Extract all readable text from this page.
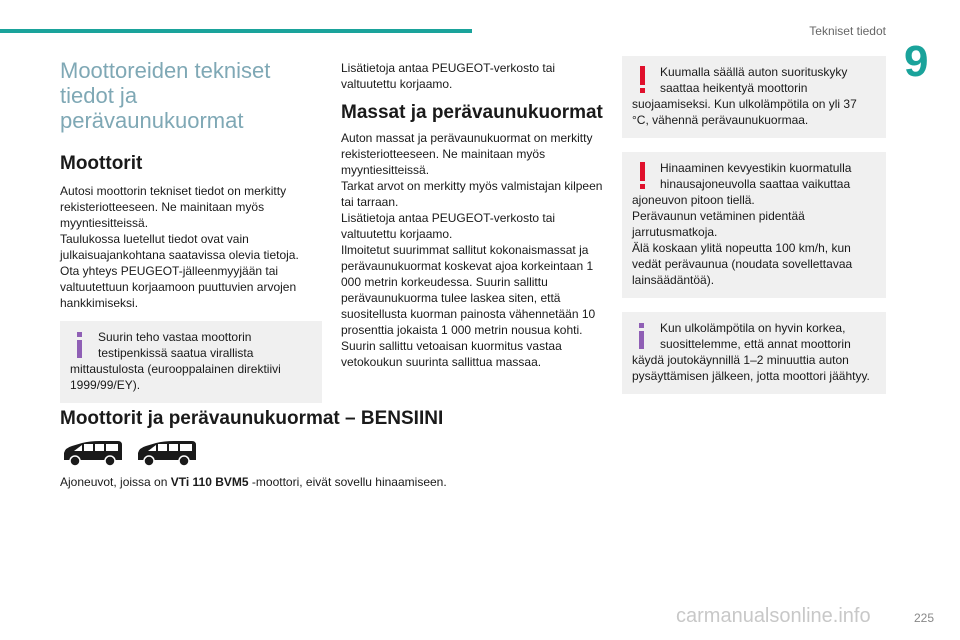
Tekniset tiedot
9
Moottoreiden tekniset tiedot ja perävaunukuormat
Moottorit

Autosi moottorin tekniset tiedot on merkitty rekisteriotteeseen. Ne mainitaan myös myyntiesitteissä.

Taulukossa luetellut tiedot ovat vain julkaisuajankohtana saatavissa olevia tietoja.

Ota yhteys PEUGEOT-jälleenmyyjään tai valtuutettuun korjaamoon puuttuvien arvojen hankkimiseksi.

Suurin teho vastaa moottorin testipenkissä saatua virallista mittaustulosta (eurooppalainen direktiivi 1999/99/EY).

Lisätietoja antaa PEUGEOT-verkosto tai valtuutettu korjaamo.

Massat ja perävaunukuormat

Auton massat ja perävaunukuormat on merkitty rekisteriotteeseen. Ne mainitaan myös myyntiesitteissä.

Tarkat arvot on merkitty myös valmistajan kilpeen tai tarraan.

Lisätietoja antaa PEUGEOT-verkosto tai valtuutettu korjaamo.

Ilmoitetut suurimmat sallitut kokonaismassat ja perävaunukuormat koskevat ajoa korkeintaan 1 000 metrin korkeudessa. Suurin sallittu perävaunukuorma tulee laskea siten, että suositellusta kuorman painosta vähennetään 10 prosenttia jokaista 1 000 metrin nousua kohti.

Suurin sallittu vetoaisan kuormitus vastaa vetokoukun suurinta sallittua massaa.

Kuumalla säällä auton suorituskyky saattaa heikentyä moottorin suojaamiseksi. Kun ulkolämpötila on yli 37 °C, vähennä perävaunukuormaa.

Hinaaminen kevyestikin kuormatulla hinausajoneuvolla saattaa vaikuttaa ajoneuvon pitoon tiellä.

Perävaunun vetäminen pidentää jarrutusmatkoja.

Älä koskaan ylitä nopeutta 100 km/h, kun vedät perävaunua (noudata sovellettavaa lainsäädäntöä).

Kun ulkolämpötila on hyvin korkea, suosittelemme, että annat moottorin käydä joutokäynnillä 1–2 minuuttia auton pysäyttämisen jälkeen, jotta moottori jäähtyy.

Moottorit ja perävaunukuormat – BENSIINI

Ajoneuvot, joissa on VTi 110 BVM5 -moottori, eivät sovellu hinaamiseen.

carmanualsonline.info	225
